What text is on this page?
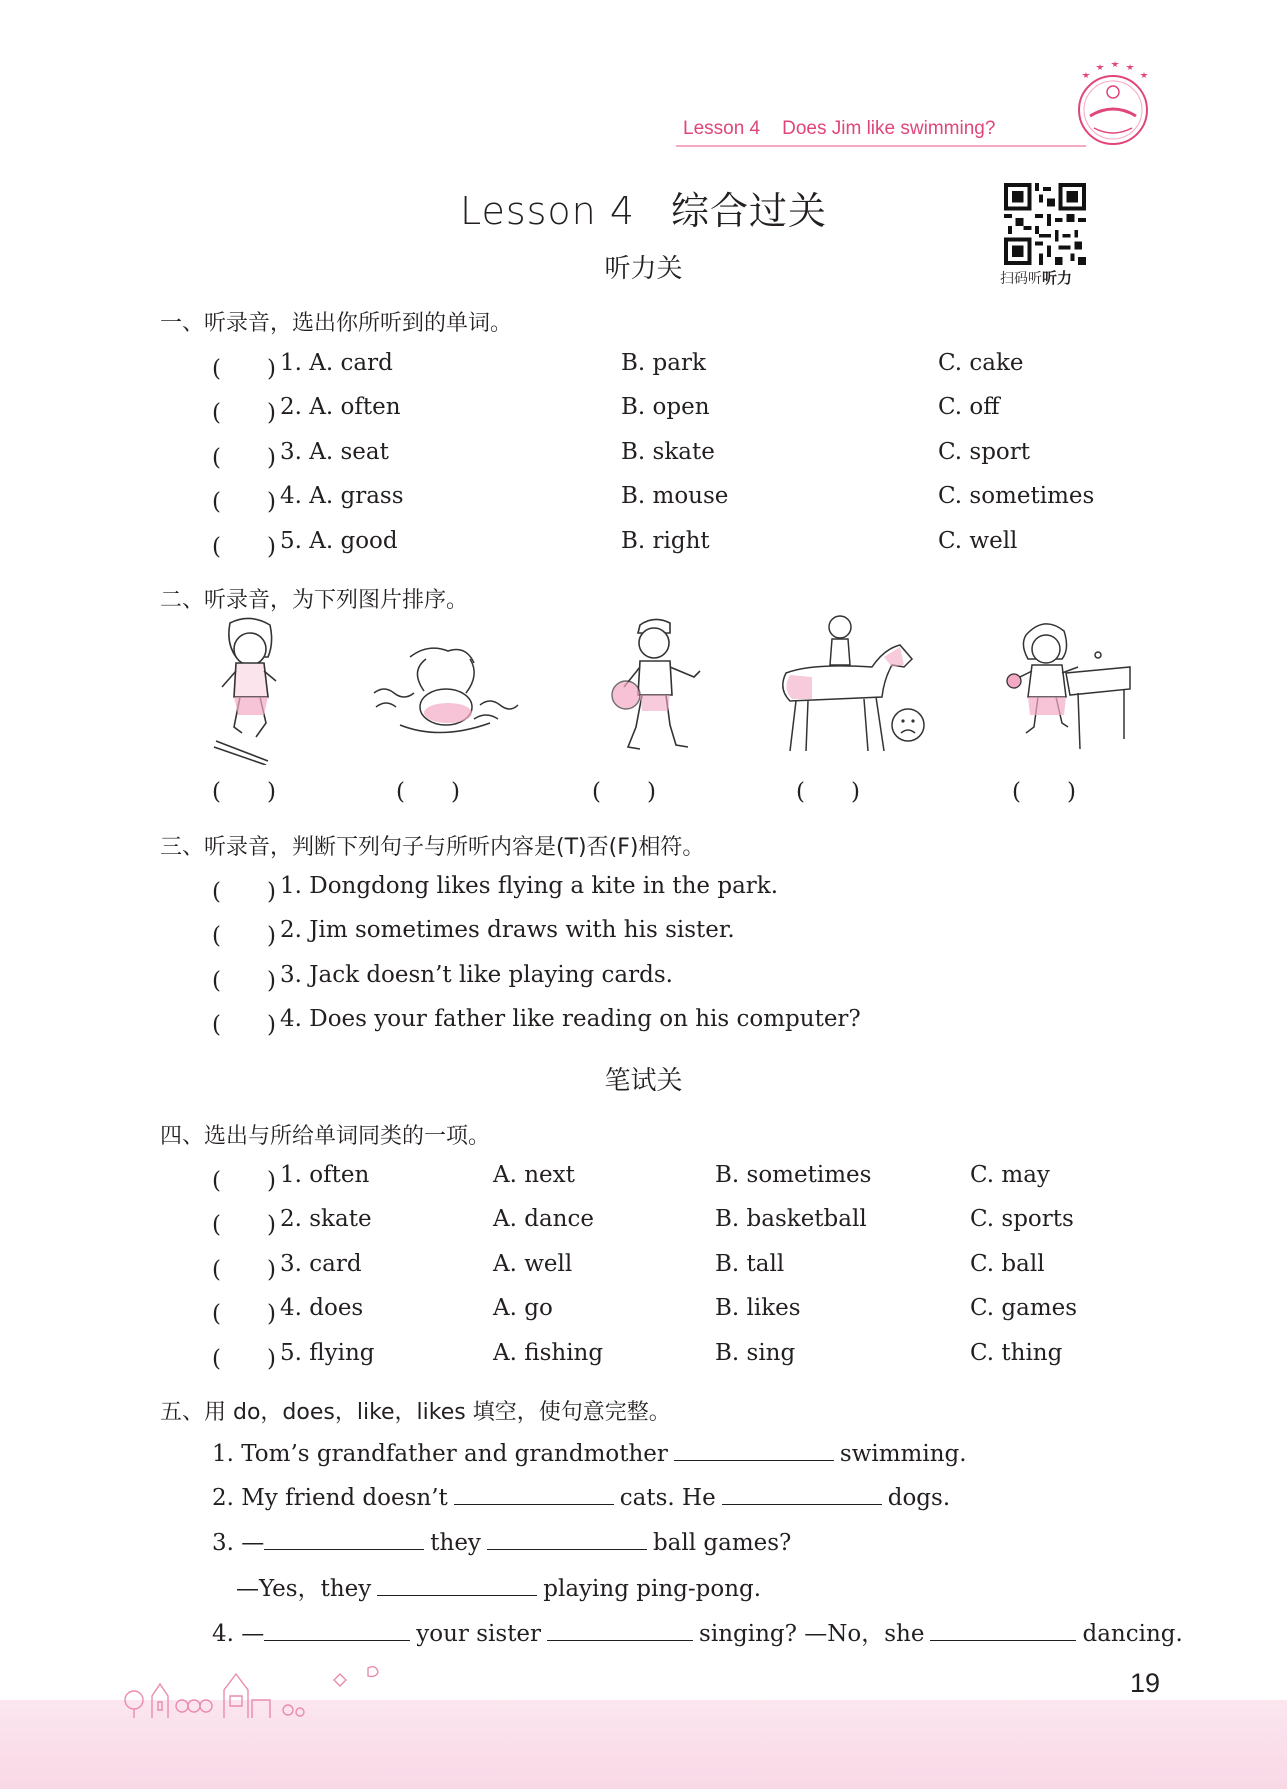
Lesson 4 Does Jim like swimming?
Lesson 4 综合过关
扫码听听力
听力关
一、听录音，选出你所听到的单词。
(　　) 1. A. card	B. park	C. cake
(　　) 2. A. often	B. open	C. off
(　　) 3. A. seat	B. skate	C. sport
(　　) 4. A. grass	B. mouse	C. sometimes
(　　) 5. A. good	B. right	C. well
二、听录音，为下列图片排序。
(　　)	(　　)	(　　)	(　　)	(　　)
三、听录音，判断下列句子与所听内容是(T)否(F)相符。
(　　) 1. Dongdong likes flying a kite in the park.
(　　) 2. Jim sometimes draws with his sister.
(　　) 3. Jack doesn’t like playing cards.
(　　) 4. Does your father like reading on his computer?
笔试关
四、选出与所给单词同类的一项。
(　　) 1. often	A. next	B. sometimes	C. may
(　　) 2. skate	A. dance	B. basketball	C. sports
(　　) 3. card	A. well	B. tall	C. ball
(　　) 4. does	A. go	B. likes	C. games
(　　) 5. flying	A. fishing	B. sing	C. thing
五、用 do，does，like，likes 填空，使句意完整。
1. Tom’s grandfather and grandmother	swimming.
2. My friend doesn’t	cats. He	dogs.
3. —	they	ball games?
—Yes，they	playing ping-pong.
4. —	your sister	singing? —No，she	dancing.
19
